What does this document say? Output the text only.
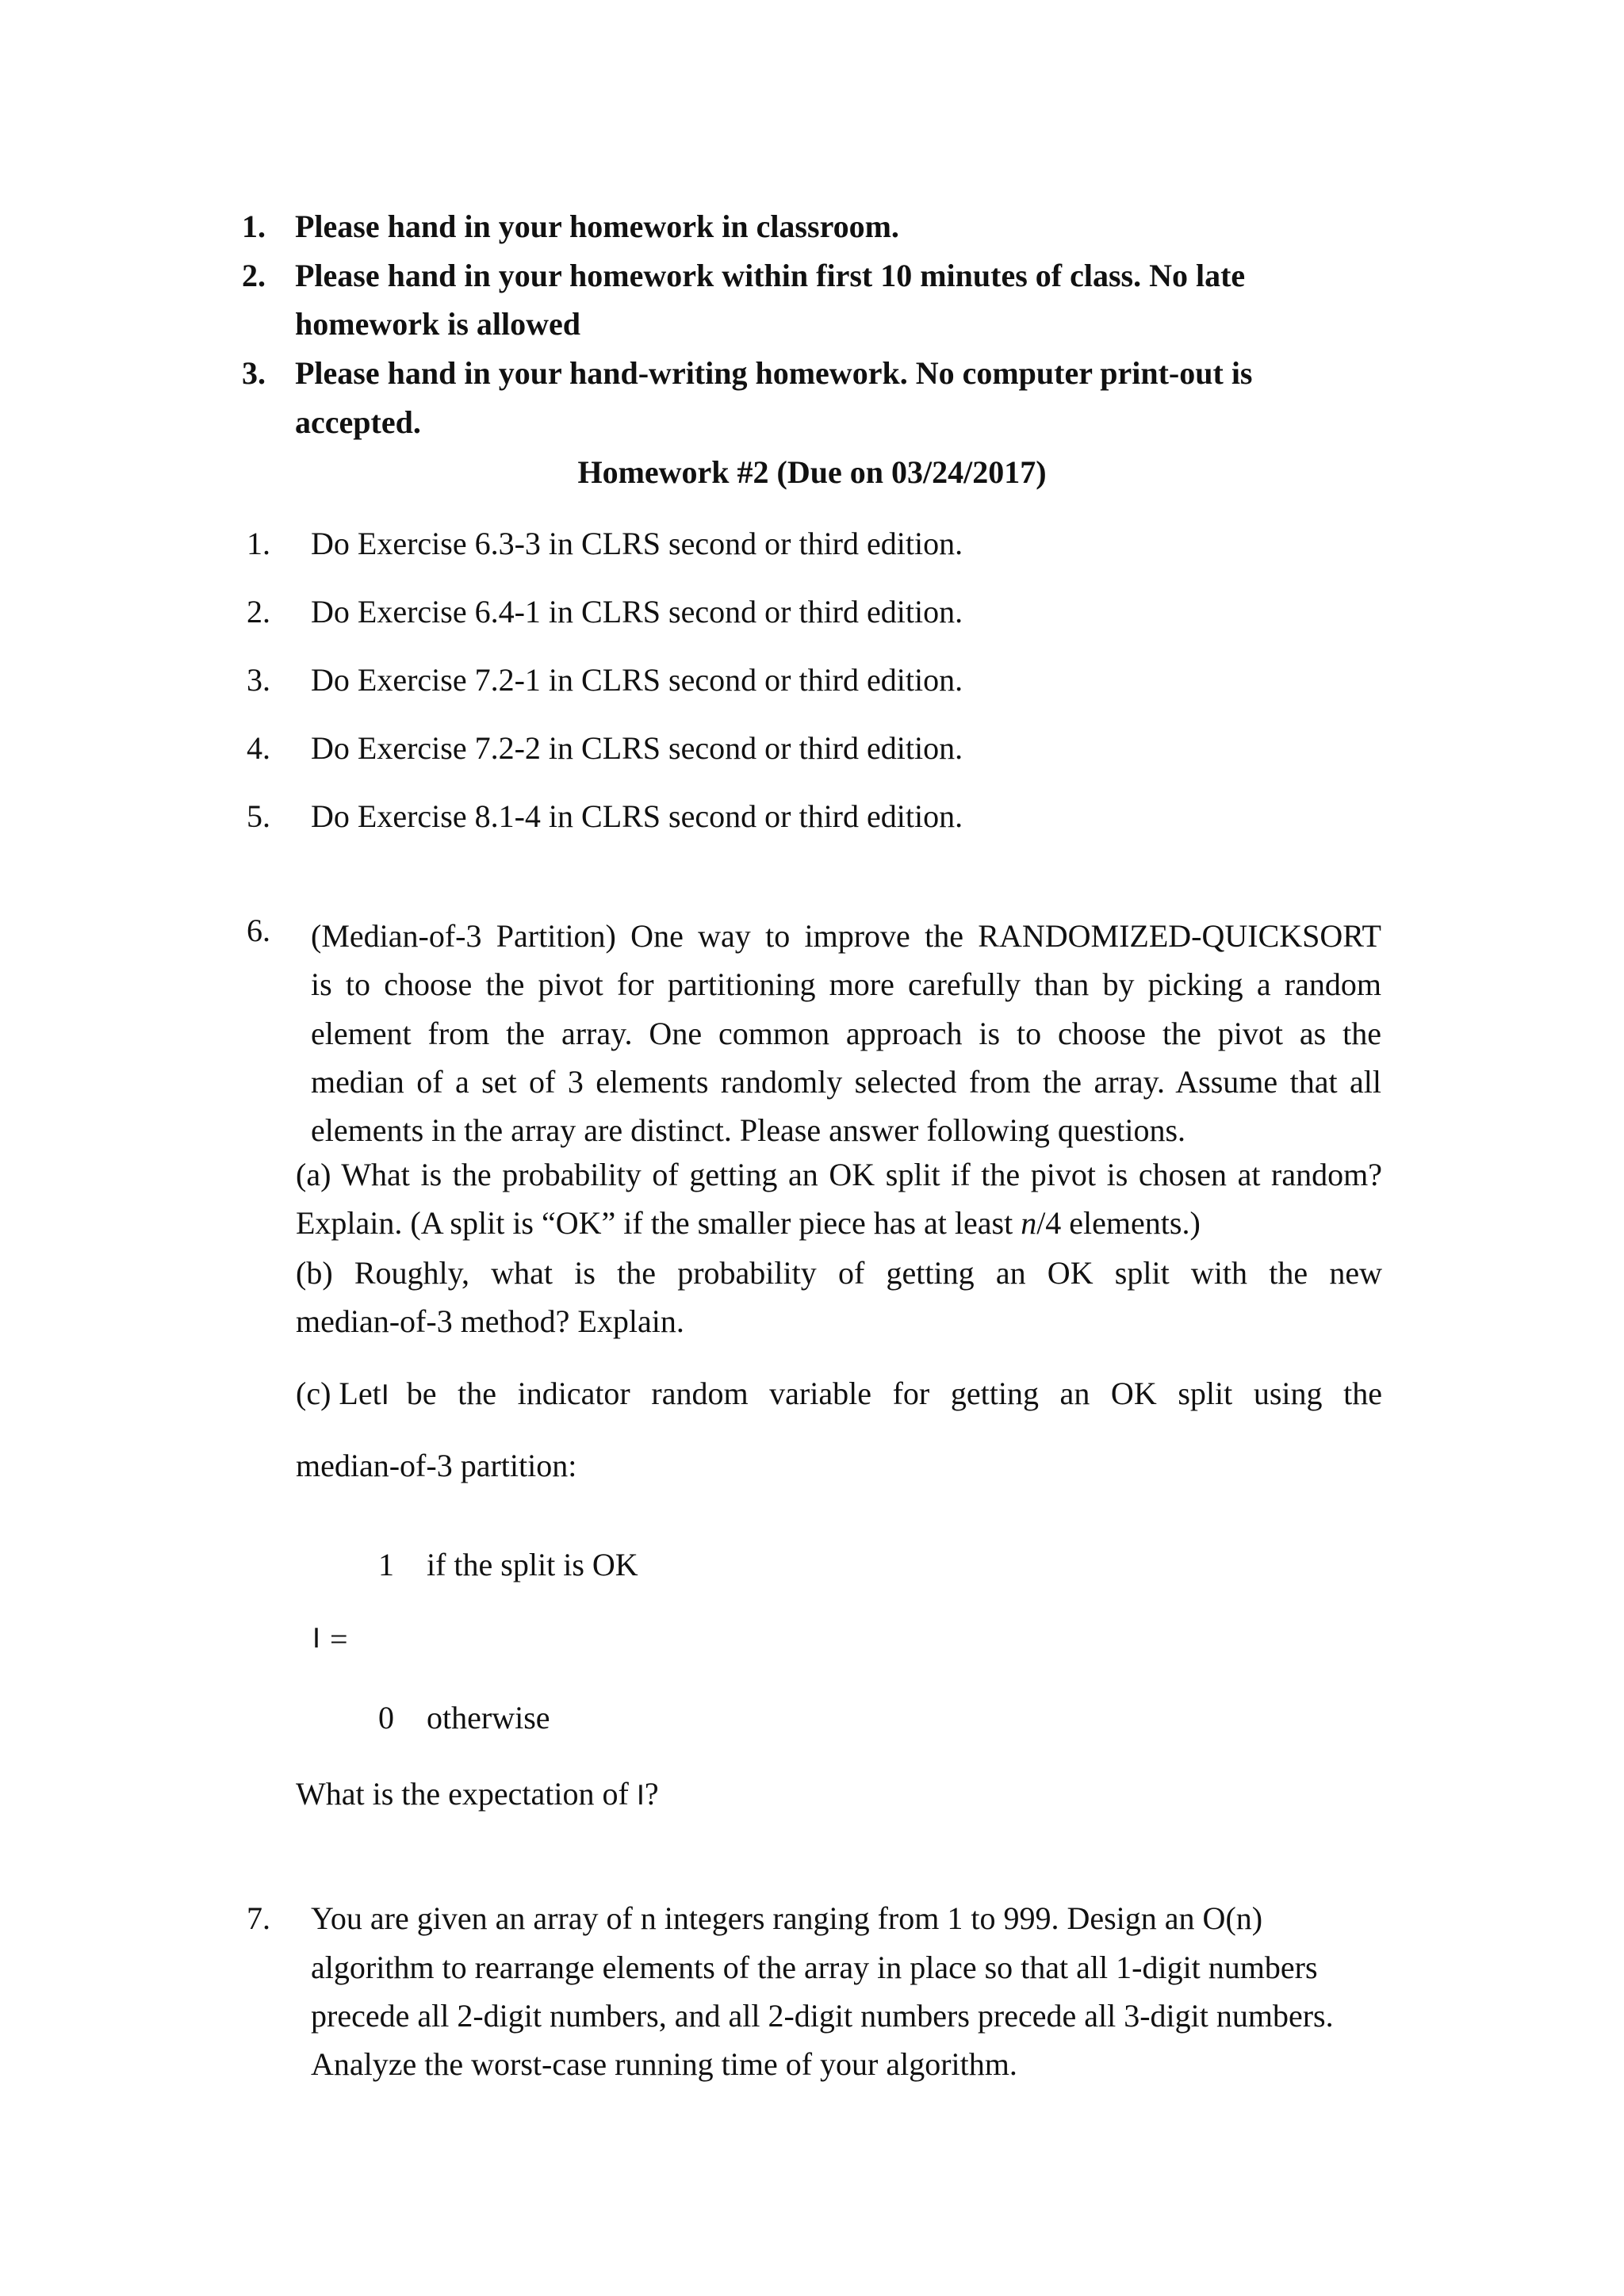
1. Please hand in your homework in classroom.
2. Please hand in your homework within first 10 minutes of class. No late
homework is allowed
3. Please hand in your hand-writing homework. No computer print-out is
accepted.
Homework #2 (Due on 03/24/2017)
1. Do Exercise 6.3-3 in CLRS second or third edition.
2. Do Exercise 6.4-1 in CLRS second or third edition.
3. Do Exercise 7.2-1 in CLRS second or third edition.
4. Do Exercise 7.2-2 in CLRS second or third edition.
5. Do Exercise 8.1-4 in CLRS second or third edition.
6. (Median-of-3 Partition) One way to improve the RANDOMIZED-QUICKSORT
is to choose the pivot for partitioning more carefully than by picking a random
element from the array. One common approach is to choose the pivot as the
median of a set of 3 elements randomly selected from the array. Assume that all
elements in the array are distinct. Please answer following questions.
(a) What is the probability of getting an OK split if the pivot is chosen at random?
Explain. (A split is “OK” if the smaller piece has at least n/4 elements.)
(b) Roughly, what is the probability of getting an OK split with the new
median-of-3 method? Explain.
(c) Let I be the indicator random variable for getting an OK split using the
median-of-3 partition:
1 if the split is OK
I =
0 otherwise
What is the expectation of I?
7. You are given an array of n integers ranging from 1 to 999. Design an O(n)
algorithm to rearrange elements of the array in place so that all 1-digit numbers
precede all 2-digit numbers, and all 2-digit numbers precede all 3-digit numbers.
Analyze the worst-case running time of your algorithm.
